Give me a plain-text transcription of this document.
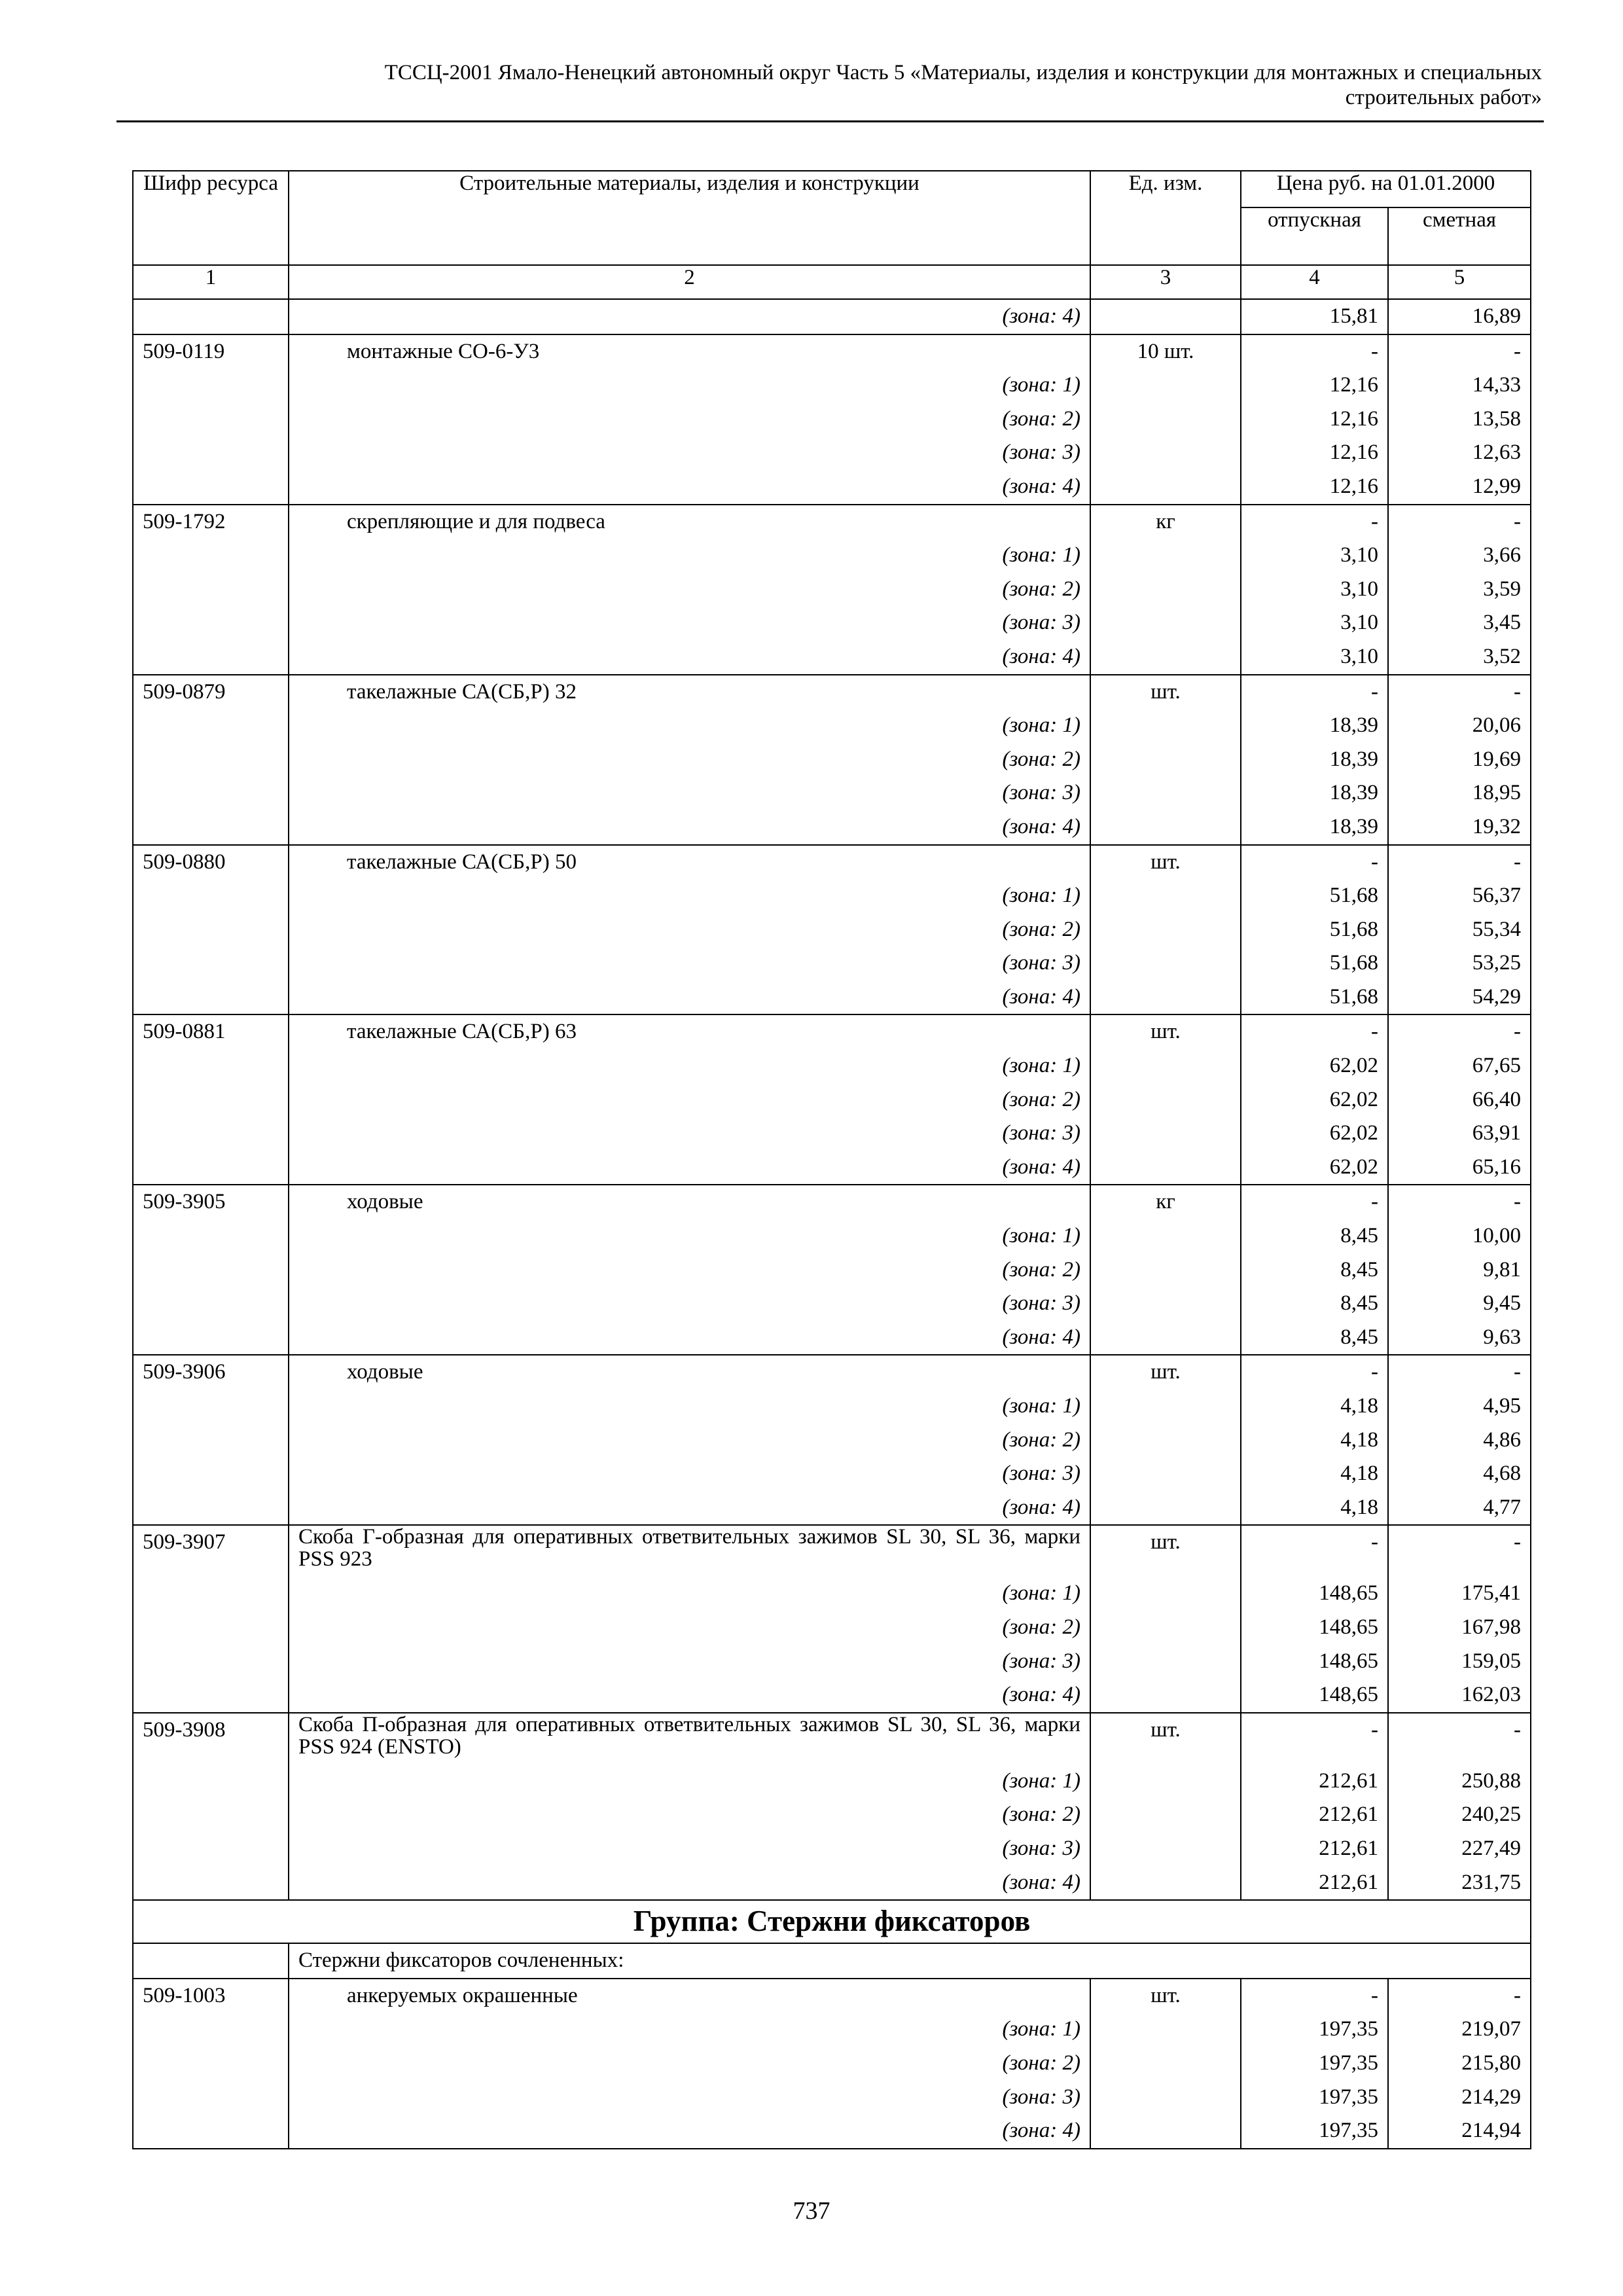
ТССЦ-2001 Ямало-Ненецкий автономный округ Часть 5 «Материалы, изделия и конструкции для монтажных и специальных
строительных работ»
Шифр ресурса	Строительные материалы, изделия и конструкции	Ед. изм.	Цена руб. на 01.01.2000	
			отпускная	сметная
1	2	3	4	5
	(зона: 4)		15,81	16,89
509-0119	монтажные СО-6-У3	10 шт.	-	-
	(зона: 1)		12,16	14,33
	(зона: 2)		12,16	13,58
	(зона: 3)		12,16	12,63
	(зона: 4)		12,16	12,99
509-1792	скрепляющие и для подвеса	кг	-	-
	(зона: 1)		3,10	3,66
	(зона: 2)		3,10	3,59
	(зона: 3)		3,10	3,45
	(зона: 4)		3,10	3,52
509-0879	такелажные СА(СБ,Р) 32	шт.	-	-
	(зона: 1)		18,39	20,06
	(зона: 2)		18,39	19,69
	(зона: 3)		18,39	18,95
	(зона: 4)		18,39	19,32
509-0880	такелажные СА(СБ,Р) 50	шт.	-	-
	(зона: 1)		51,68	56,37
	(зона: 2)		51,68	55,34
	(зона: 3)		51,68	53,25
	(зона: 4)		51,68	54,29
509-0881	такелажные СА(СБ,Р) 63	шт.	-	-
	(зона: 1)		62,02	67,65
	(зона: 2)		62,02	66,40
	(зона: 3)		62,02	63,91
	(зона: 4)		62,02	65,16
509-3905	ходовые	кг	-	-
	(зона: 1)		8,45	10,00
	(зона: 2)		8,45	9,81
	(зона: 3)		8,45	9,45
	(зона: 4)		8,45	9,63
509-3906	ходовые	шт.	-	-
	(зона: 1)		4,18	4,95
	(зона: 2)		4,18	4,86
	(зона: 3)		4,18	4,68
	(зона: 4)		4,18	4,77
509-3907	Скоба Г-образная для оперативных ответвительных зажимов SL 30, SL 36, марки PSS 923	шт.	-	-
	(зона: 1)		148,65	175,41
	(зона: 2)		148,65	167,98
	(зона: 3)		148,65	159,05
	(зона: 4)		148,65	162,03
509-3908	Скоба П-образная для оперативных ответвительных зажимов SL 30, SL 36, марки PSS 924 (ENSTO)	шт.	-	-
	(зона: 1)		212,61	250,88
	(зона: 2)		212,61	240,25
	(зона: 3)		212,61	227,49
	(зона: 4)		212,61	231,75
Группа: Стержни фиксаторов				
	Стержни фиксаторов сочлененных:			
509-1003	анкеруемых окрашенные	шт.	-	-
	(зона: 1)		197,35	219,07
	(зона: 2)		197,35	215,80
	(зона: 3)		197,35	214,29
	(зона: 4)		197,35	214,94
737
